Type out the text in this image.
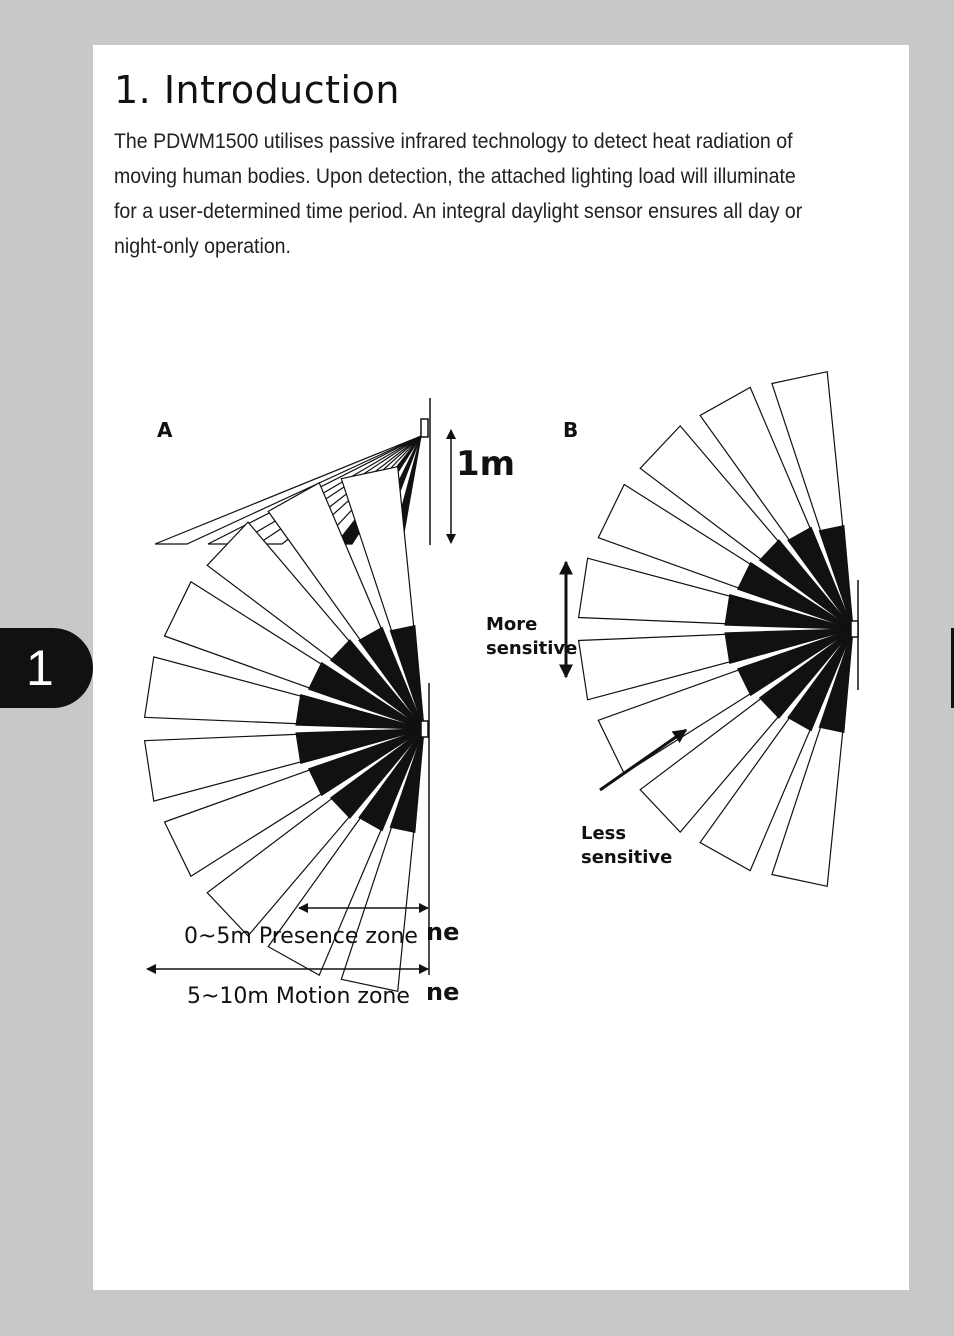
1. Introduction

The PDWM1500 utilises passive infrared technology to detect heat radiation of moving human bodies. Upon detection, the attached lighting load will illuminate for a user-determined time period. An integral daylight sensor ensures all day or night-only operation.

1
A
1m
ne
ne
0~5m Presence zone
5~10m Motion zone
B
More
sensitive
Less
sensitive
